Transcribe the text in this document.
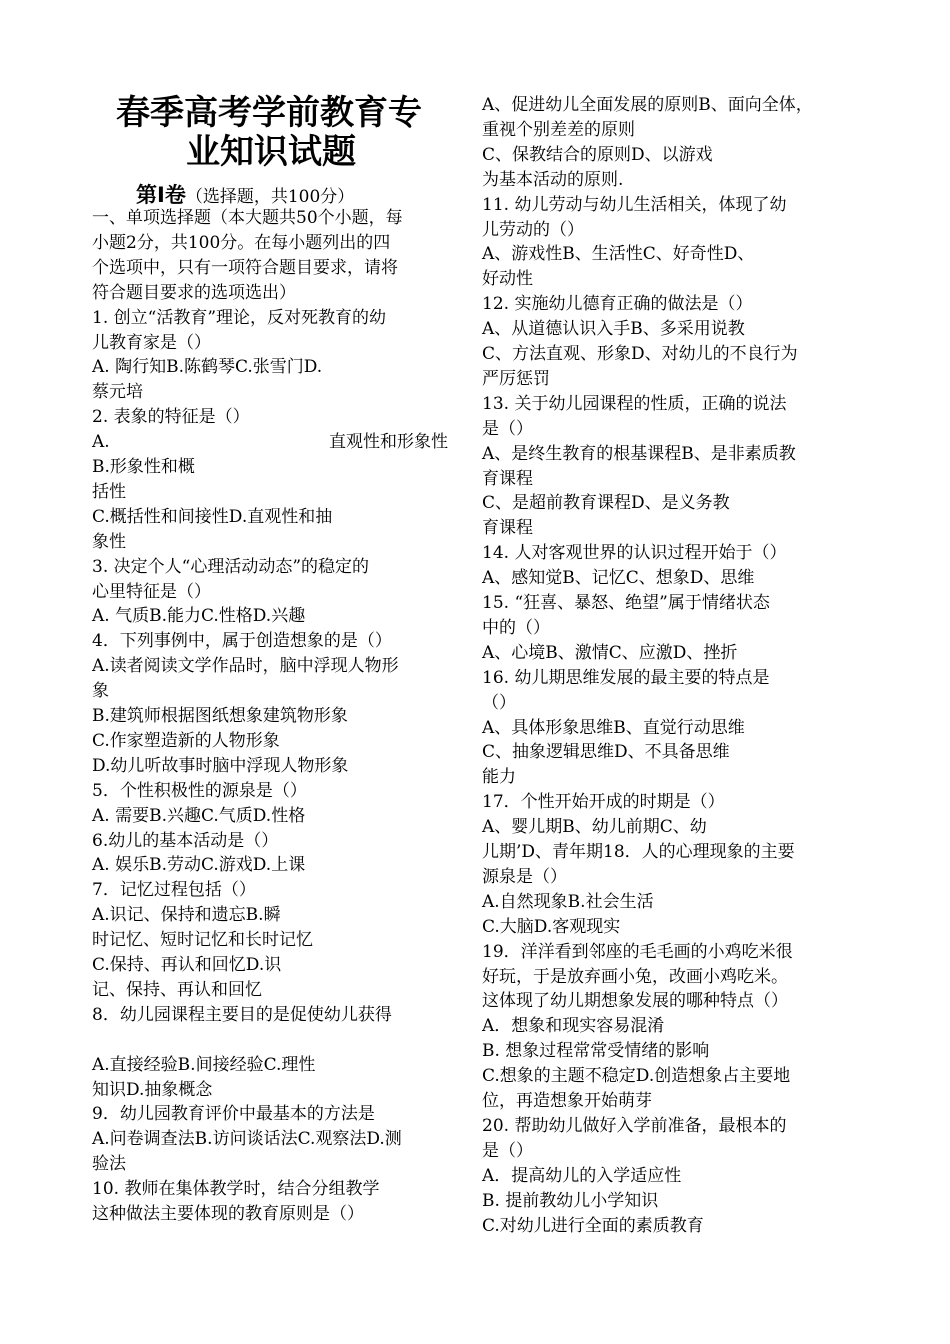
春季高考学前教育专
业知识试题
第Ⅰ卷（选择题，共100分）
一、单项选择题（本大题共50个小题，每
小题2分，共100分。在每小题列出的四
个选项中，只有一项符合题目要求，请将
符合题目要求的选项选出）
1. 创立“活教育”理论，反对死教育的幼
儿教育家是（）
A. 陶行知B.陈鹤琴C.张雪门D.
蔡元培
2. 表象的特征是（）
A.	直观性和形象性
B.形象性和概
括性
C.概括性和间接性D.直观性和抽
象性
3. 决定个人“心理活动动态”的稳定的
心里特征是（）
A. 气质B.能力C.性格D.兴趣
4．下列事例中，属于创造想象的是（）
A.读者阅读文学作品时，脑中浮现人物形
象
B.建筑师根据图纸想象建筑物形象
C.作家塑造新的人物形象
D.幼儿听故事时脑中浮现人物形象
5．个性积极性的源泉是（）
A. 需要B.兴趣C.气质D.性格
6.幼儿的基本活动是（）
A. 娱乐B.劳动C.游戏D.上课
7．记忆过程包括（）
A.识记、保持和遗忘B.瞬
时记忆、短时记忆和长时记忆
C.保持、再认和回忆D.识
记、保持、再认和回忆
8．幼儿园课程主要目的是促使幼儿获得
A.直接经验B.间接经验C.理性
知识D.抽象概念
9．幼儿园教育评价中最基本的方法是
A.问卷调查法B.访问谈话法C.观察法D.测
验法
10. 教师在集体教学时，结合分组教学
这种做法主要体现的教育原则是（）
A、促进幼儿全面发展的原则B、面向全体，
重视个别差差的原则
C、保教结合的原则D、以游戏
为基本活动的原则.
11. 幼儿劳动与幼儿生活相关，体现了幼
儿劳动的（）
A、游戏性B、生活性C、好奇性D、
好动性
12. 实施幼儿德育正确的做法是（）
A、从道德认识入手B、多采用说教
C、方法直观、形象D、对幼儿的不良行为
严厉惩罚
13. 关于幼儿园课程的性质，正确的说法
是（）
A、是终生教育的根基课程B、是非素质教
育课程
C、是超前教育课程D、是义务教
育课程
14. 人对客观世界的认识过程开始于（）
A、感知觉B、记忆C、想象D、思维
15. “狂喜、暴怒、绝望”属于情绪状态
中的（）
A、心境B、激情C、应激D、挫折
16. 幼儿期思维发展的最主要的特点是
（）
A、具体形象思维B、直觉行动思维
C、抽象逻辑思维D、不具备思维
能力
17．个性开始开成的时期是（）
A、婴儿期B、幼儿前期C、幼
儿期’D、青年期18．人的心理现象的主要
源泉是（）
A.自然现象B.社会生活
C.大脑D.客观现实
19．洋洋看到邻座的毛毛画的小鸡吃米很
好玩，于是放弃画小兔，改画小鸡吃米。
这体现了幼儿期想象发展的哪种特点（）
A．想象和现实容易混淆
B. 想象过程常常受情绪的影响
C.想象的主题不稳定D.创造想象占主要地
位，再造想象开始萌芽
20. 帮助幼儿做好入学前准备，最根本的
是（）
A．提高幼儿的入学适应性
B. 提前教幼儿小学知识
C.对幼儿进行全面的素质教育
